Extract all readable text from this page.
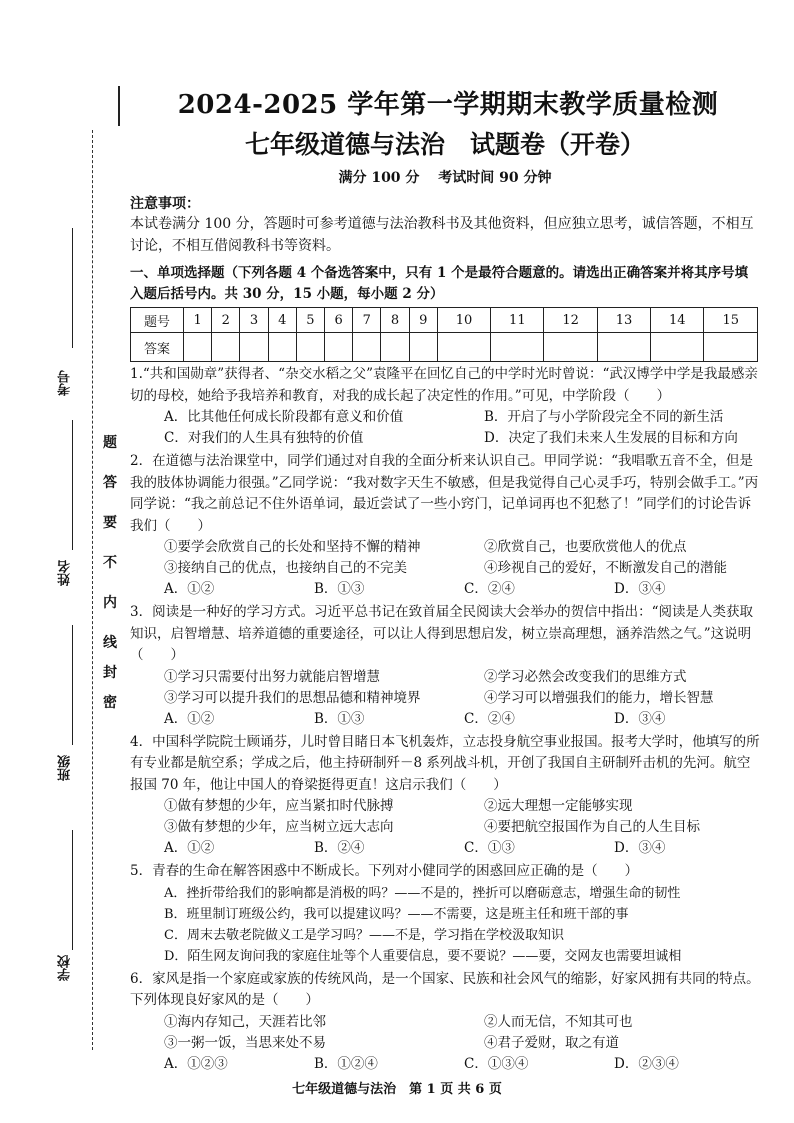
考号
姓名
班级
学校
题
答
要
不
内
线
封
密
2024-2025 学年第一学期期末教学质量检测
七年级道德与法治　试题卷（开卷）
满分 100 分　 考试时间 90 分钟
注意事项：
本试卷满分 100 分，答题时可参考道德与法治教科书及其他资料，但应独立思考，诚信答题，不相互讨论，不相互借阅教科书等资料。
一、单项选择题（下列各题 4 个备选答案中，只有 1 个是最符合题意的。请选出正确答案并将其序号填入题后括号内。共 30 分，15 小题，每小题 2 分）
题号	1	2	3	4	5	6	7	8	9	10	11	12	13	14	15
答案															
1.“共和国勋章”获得者、“杂交水稻之父”袁隆平在回忆自己的中学时光时曾说：“武汉博学中学是我最感亲切的母校，她给予我培养和教育，对我的成长起了决定性的作用。”可见，中学阶段（　　）
A．比其他任何成长阶段都有意义和价值	B．开启了与小学阶段完全不同的新生活
C．对我们的人生具有独特的价值	D．决定了我们未来人生发展的目标和方向
2．在道德与法治课堂中，同学们通过对自我的全面分析来认识自己。甲同学说：“我唱歌五音不全，但是我的肢体协调能力很强。”乙同学说：“我对数字天生不敏感，但是我觉得自己心灵手巧，特别会做手工。”丙同学说：“我之前总记不住外语单词，最近尝试了一些小窍门，记单词再也不犯愁了！”同学们的讨论告诉我们（　　）
①要学会欣赏自己的长处和坚持不懈的精神	②欣赏自己，也要欣赏他人的优点
③接纳自己的优点，也接纳自己的不完美	④珍视自己的爱好，不断激发自己的潜能
A．①②	B．①③	C．②④	D．③④
3．阅读是一种好的学习方式。习近平总书记在致首届全民阅读大会举办的贺信中指出：“阅读是人类获取知识，启智增慧、培养道德的重要途径，可以让人得到思想启发，树立崇高理想，涵养浩然之气。”这说明（　　）
①学习只需要付出努力就能启智增慧	②学习必然会改变我们的思维方式
③学习可以提升我们的思想品德和精神境界	④学习可以增强我们的能力，增长智慧
A．①②	B．①③	C．②④	D．③④
4．中国科学院院士顾诵芬，儿时曾目睹日本飞机轰炸，立志投身航空事业报国。报考大学时，他填写的所有专业都是航空系；学成之后，他主持研制歼－8 系列战斗机，开创了我国自主研制歼击机的先河。航空报国 70 年，他让中国人的脊梁挺得更直！这启示我们（　　）
①做有梦想的少年，应当紧扣时代脉搏	②远大理想一定能够实现
③做有梦想的少年，应当树立远大志向	④要把航空报国作为自己的人生目标
A．①②	B．②④	C．①③	D．③④
5．青春的生命在解答困惑中不断成长。下列对小健同学的困惑回应正确的是（　　）
A．挫折带给我们的影响都是消极的吗？——不是的，挫折可以磨砺意志，增强生命的韧性
B．班里制订班级公约，我可以提建议吗？——不需要，这是班主任和班干部的事
C．周末去敬老院做义工是学习吗？——不是，学习指在学校汲取知识
D．陌生网友询问我的家庭住址等个人重要信息，要不要说？——要，交网友也需要坦诚相
6．家风是指一个家庭或家族的传统风尚，是一个国家、民族和社会风气的缩影，好家风拥有共同的特点。下列体现良好家风的是（　　）
①海内存知己，天涯若比邻	②人而无信，不知其可也
③一粥一饭，当思来处不易	④君子爱财，取之有道
A．①②③	B．①②④	C．①③④	D．②③④
七年级道德与法治　第 1 页 共 6 页
